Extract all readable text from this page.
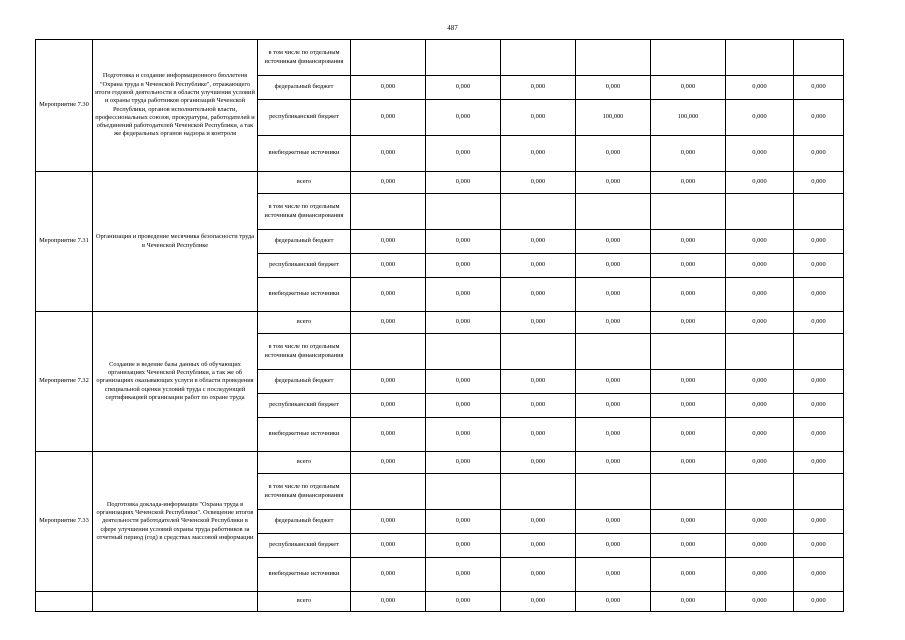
487
Мероприятие 7.30	Подготовка и создание информационного бюллетеня "Охрана труда в Чеченской Республике", отражающего итоги годовой деятельности в области улучшения условий и охраны труда работников организаций Чеченской Республики, органов исполнительной власти, профессиональных союзов, прокуратуры, работодателей и объединений работодателей Чеченской Республики, а так же федеральных органов надзора и контроля	в том числе по отдельным источникам финансирования							
		федеральный бюджет	0,000	0,000	0,000	0,000	0,000	0,000	0,000
		республиканский бюджет	0,000	0,000	0,000	100,000	100,000	0,000	0,000
		внебюджетные источники	0,000	0,000	0,000	0,000	0,000	0,000	0,000
Мероприятие 7.31	Организация и проведение месячника безопасности труда в Чеченской Республике	всего	0,000	0,000	0,000	0,000	0,000	0,000	0,000
		в том числе по отдельным источникам финансирования							
		федеральный бюджет	0,000	0,000	0,000	0,000	0,000	0,000	0,000
		республиканский бюджет	0,000	0,000	0,000	0,000	0,000	0,000	0,000
		внебюджетные источники	0,000	0,000	0,000	0,000	0,000	0,000	0,000
Мероприятие 7.32	Создание и ведение базы данных об обучающих организациях Чеченской Республики, а так же об организациях оказывающих услуги в области проведения специальной оценки условий труда с последующей сертификацией организации работ по охране труда	всего	0,000	0,000	0,000	0,000	0,000	0,000	0,000
		в том числе по отдельным источникам финансирования							
		федеральный бюджет	0,000	0,000	0,000	0,000	0,000	0,000	0,000
		республиканский бюджет	0,000	0,000	0,000	0,000	0,000	0,000	0,000
		внебюджетные источники	0,000	0,000	0,000	0,000	0,000	0,000	0,000
Мероприятие 7.33	Подготовка доклада-информации "Охрана труда в организациях Чеченской Республики". Освещение итогов деятельности работодателей Чеченской Республики в сфере улучшения условий охраны труда работников за отчетный период (год) в средствах массовой информации	всего	0,000	0,000	0,000	0,000	0,000	0,000	0,000
		в том числе по отдельным источникам финансирования							
		федеральный бюджет	0,000	0,000	0,000	0,000	0,000	0,000	0,000
		республиканский бюджет	0,000	0,000	0,000	0,000	0,000	0,000	0,000
		внебюджетные источники	0,000	0,000	0,000	0,000	0,000	0,000	0,000
		всего	0,000	0,000	0,000	0,000	0,000	0,000	0,000
